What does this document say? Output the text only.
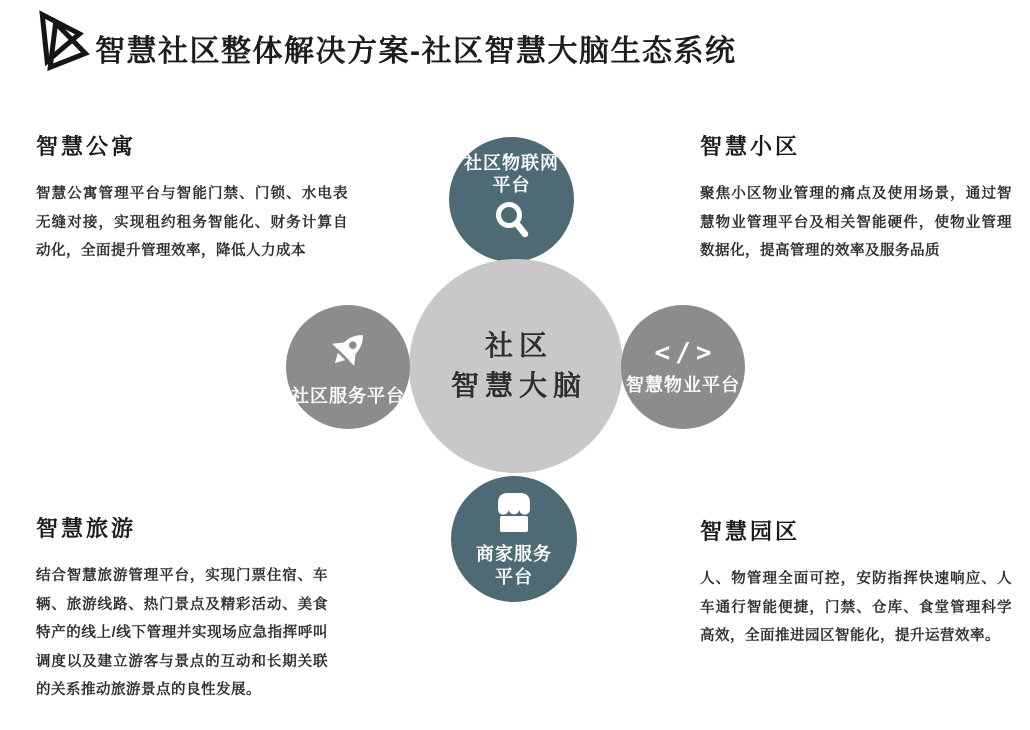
智慧社区整体解决方案-社区智慧大脑生态系统
智慧公寓

智慧公寓管理平台与智能门禁、门锁、水电表无缝对接，实现租约租务智能化、财务计算自动化，全面提升管理效率，降低人力成本

智慧小区

聚焦小区物业管理的痛点及使用场景，通过智慧物业管理平台及相关智能硬件，使物业管理数据化，提高管理的效率及服务品质

智慧旅游

结合智慧旅游管理平台，实现门票住宿、车辆、旅游线路、热门景点及精彩活动、美食特产的线上/线下管理并实现场应急指挥呼叫调度以及建立游客与景点的互动和长期关联的关系推动旅游景点的良性发展。

智慧园区

人、物管理全面可控，安防指挥快速响应、人车通行智能便捷，门禁、仓库、食堂管理科学高效，全面推进园区智能化，提升运营效率。

社区物联网
平台
社区
智慧大脑
社区服务平台
</>
智慧物业平台
商家服务
平台
